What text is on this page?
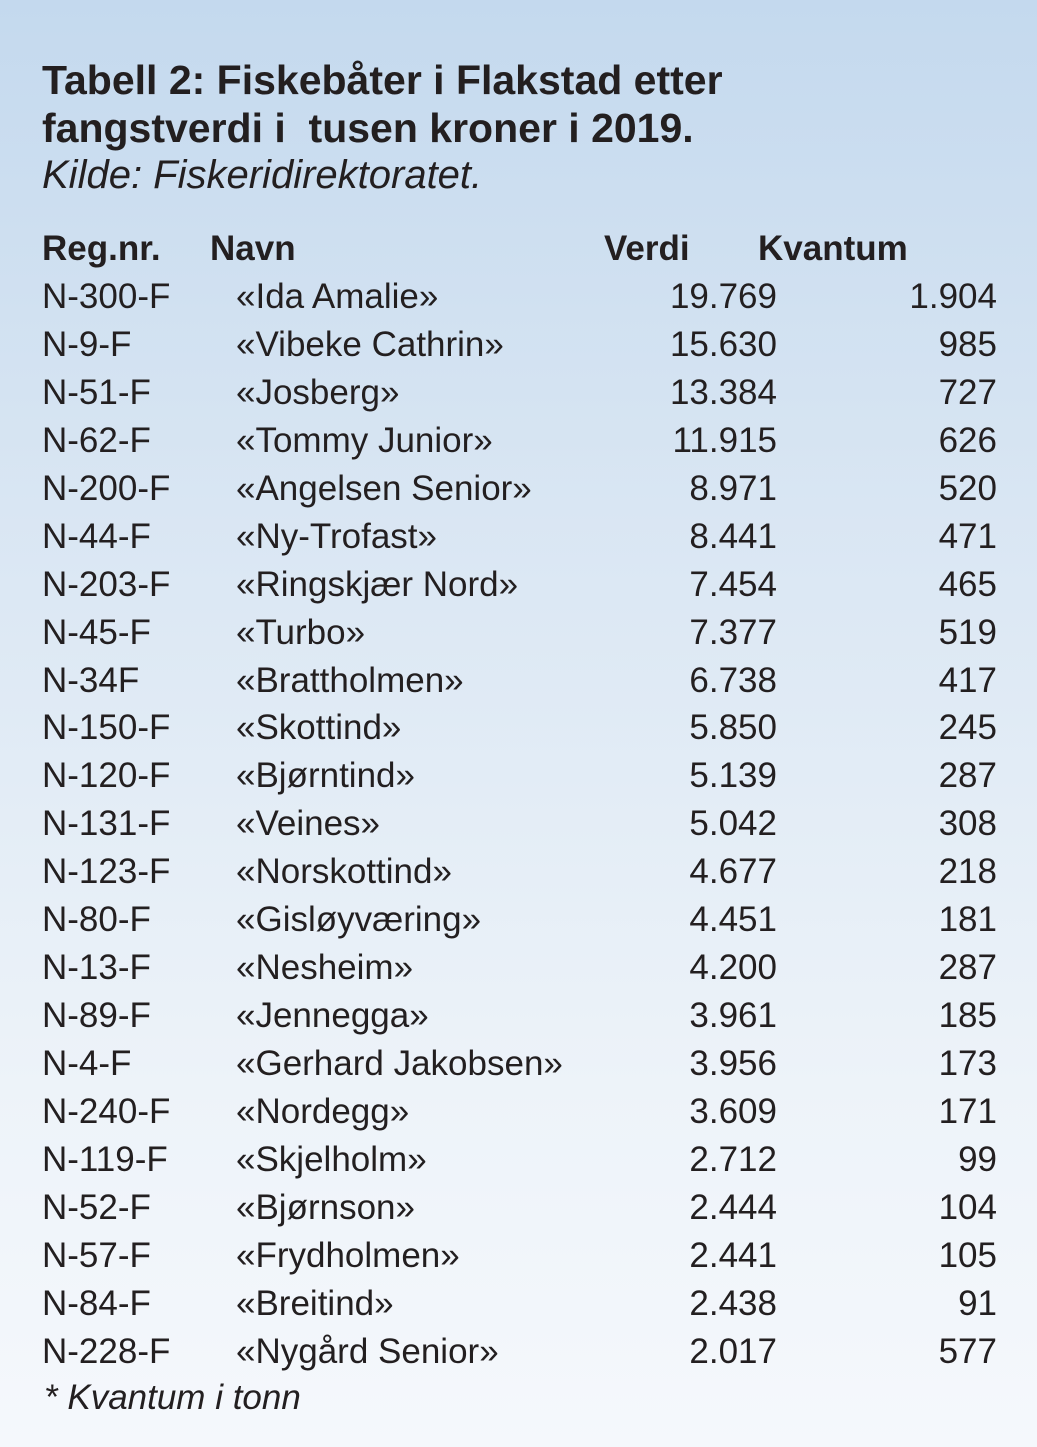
Tabell 2: Fiskebåter i Flakstad etter
fangstverdi i  tusen kroner i 2019.

Kilde: Fiskeridirektoratet.

Reg.nr. Navn	Verdi Kvantum
N-300-F «Ida Amalie»	19.769	1.904
N-9-F	«Vibeke Cathrin»	15.630	985
N-51-F «Josberg»	13.384	727
N-62-F «Tommy Junior»	11.915	626
N-200-F «Angelsen Senior»	8.971	520
N-44-F «Ny-Trofast»	8.441	471
N-203-F «Ringskjær Nord»	7.454	465
N-45-F «Turbo»	7.377	519
N-34F	«Brattholmen»	6.738	417
N-150-F «Skottind»	5.850	245
N-120-F «Bjørntind»	5.139	287
N-131-F «Veines»	5.042	308
N-123-F «Norskottind»	4.677	218
N-80-F «Gisløyværing»	4.451	181
N-13-F «Nesheim»	4.200	287
N-89-F «Jennegga»	3.961	185
N-4-F	«Gerhard Jakobsen»	3.956	173
N-240-F «Nordegg»	3.609	171
N-119-F «Skjelholm»	2.712	99
N-52-F «Bjørnson»	2.444	104
N-57-F «Frydholmen»	2.441	105
N-84-F «Breitind»	2.438	91
N-228-F «Nygård Senior»	2.017	577
* Kvantum i tonn
